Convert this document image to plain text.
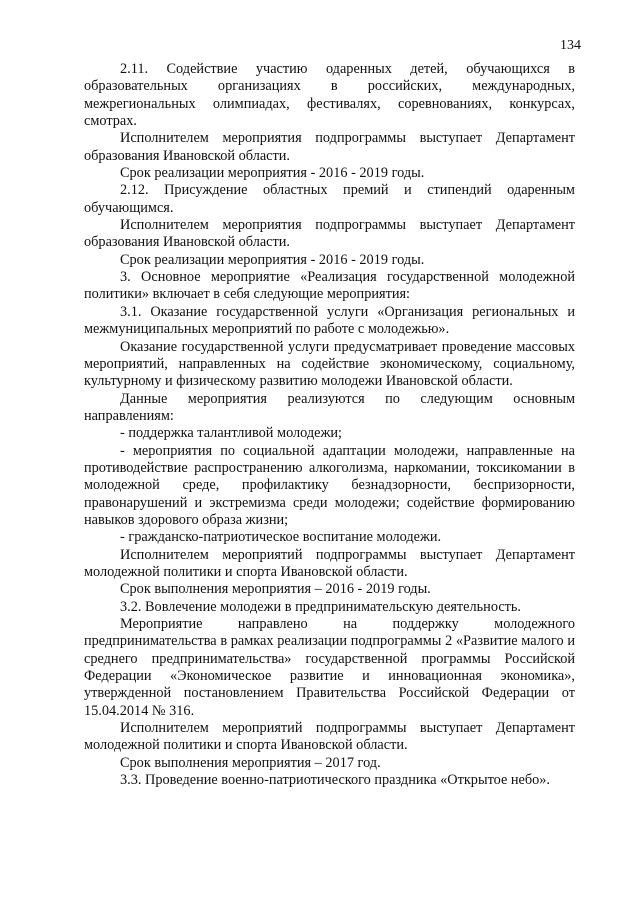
134

2.11. Содействие участию одаренных детей, обучающихся в образовательных организациях в российских, международных, межрегиональных олимпиадах, фестивалях, соревнованиях, конкурсах, смотрах.

Исполнителем мероприятия подпрограммы выступает Департамент образования Ивановской области.

Срок реализации мероприятия - 2016 - 2019 годы.

2.12. Присуждение областных премий и стипендий одаренным обучающимся.

Исполнителем мероприятия подпрограммы выступает Департамент образования Ивановской области.

Срок реализации мероприятия - 2016 - 2019 годы.

3. Основное мероприятие «Реализация государственной молодежной политики» включает в себя следующие мероприятия:

3.1. Оказание государственной услуги «Организация региональных и межмуниципальных мероприятий по работе с молодежью».

Оказание государственной услуги предусматривает проведение массовых мероприятий, направленных на содействие экономическому, социальному, культурному и физическому развитию молодежи Ивановской области.

Данные мероприятия реализуются по следующим основным направлениям:

- поддержка талантливой молодежи;

- мероприятия по социальной адаптации молодежи, направленные на противодействие распространению алкоголизма, наркомании, токсикомании в молодежной среде, профилактику безнадзорности, беспризорности, правонарушений и экстремизма среди молодежи; содействие формированию навыков здорового образа жизни;

- гражданско-патриотическое воспитание молодежи.

Исполнителем мероприятий подпрограммы выступает Департамент молодежной политики и спорта Ивановской области.

Срок выполнения мероприятия – 2016 - 2019 годы.

3.2. Вовлечение молодежи в предпринимательскую деятельность.

Мероприятие направлено на поддержку молодежного предпринимательства в рамках реализации подпрограммы 2 «Развитие малого и среднего предпринимательства» государственной программы Российской Федерации «Экономическое развитие и инновационная экономика», утвержденной постановлением Правительства Российской Федерации от 15.04.2014 № 316.

Исполнителем мероприятий подпрограммы выступает Департамент молодежной политики и спорта Ивановской области.

Срок выполнения мероприятия – 2017 год.

3.3. Проведение военно-патриотического праздника «Открытое небо».
